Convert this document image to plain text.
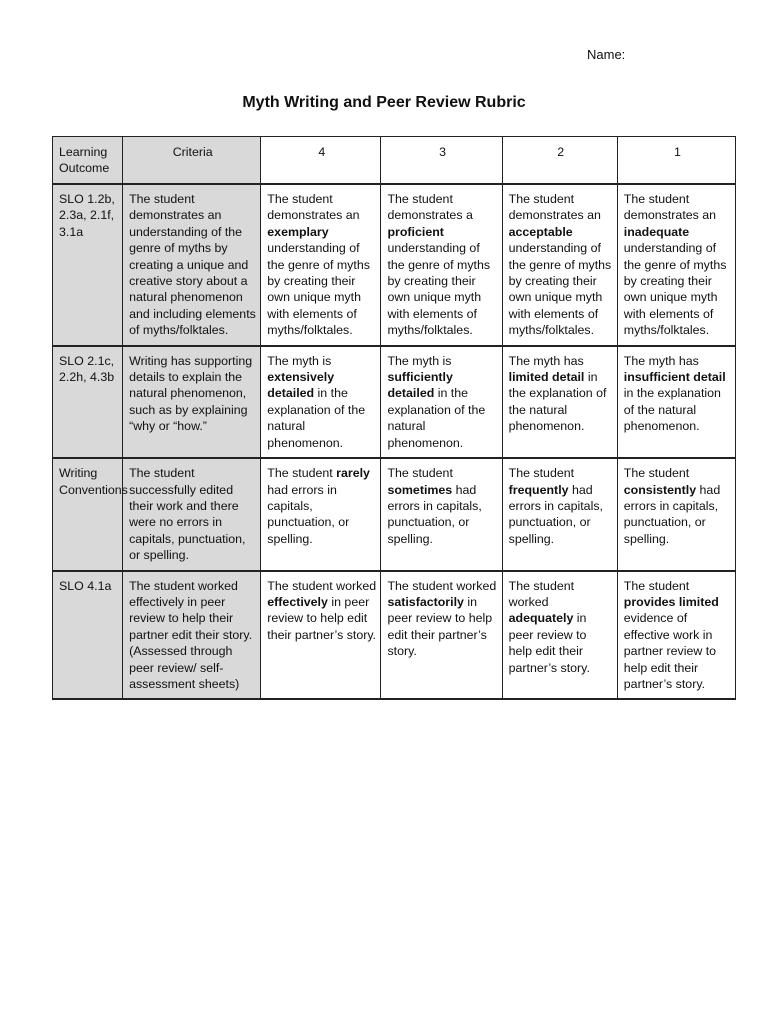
Name:
Myth Writing and Peer Review Rubric
Learning Outcome	Criteria	4	3	2	1
SLO 1.2b, 2.3a, 2.1f, 3.1a	The student demonstrates an understanding of the genre of myths by creating a unique and creative story about a natural phenomenon and including elements of myths/folktales.	The student demonstrates an exemplary understanding of the genre of myths by creating their own unique myth with elements of myths/folktales.	The student demonstrates a proficient understanding of the genre of myths by creating their own unique myth with elements of myths/folktales.	The student demonstrates an acceptable understanding of the genre of myths by creating their own unique myth with elements of myths/folktales.	The student demonstrates an inadequate understanding of the genre of myths by creating their own unique myth with elements of myths/folktales.
SLO 2.1c, 2.2h, 4.3b	Writing has supporting details to explain the natural phenomenon, such as by explaining “why or “how.”	The myth is extensively detailed in the explanation of the natural phenomenon.	The myth is sufficiently detailed in the explanation of the natural phenomenon.	The myth has limited detail in the explanation of the natural phenomenon.	The myth has insufficient detail in the explanation of the natural phenomenon.
Writing Conventions	The student successfully edited their work and there were no errors in capitals, punctuation, or spelling.	The student rarely had errors in capitals, punctuation, or spelling.	The student sometimes had errors in capitals, punctuation, or spelling.	The student frequently had errors in capitals, punctuation, or spelling.	The student consistently had errors in capitals, punctuation, or spelling.
SLO 4.1a	The student worked effectively in peer review to help their partner edit their story. (Assessed through peer review/ self-assessment sheets)	The student worked effectively in peer review to help edit their partner’s story.	The student worked satisfactorily in peer review to help edit their partner’s story.	The student worked adequately in peer review to help edit their partner’s story.	The student provides limited evidence of effective work in partner review to help edit their partner’s story.
